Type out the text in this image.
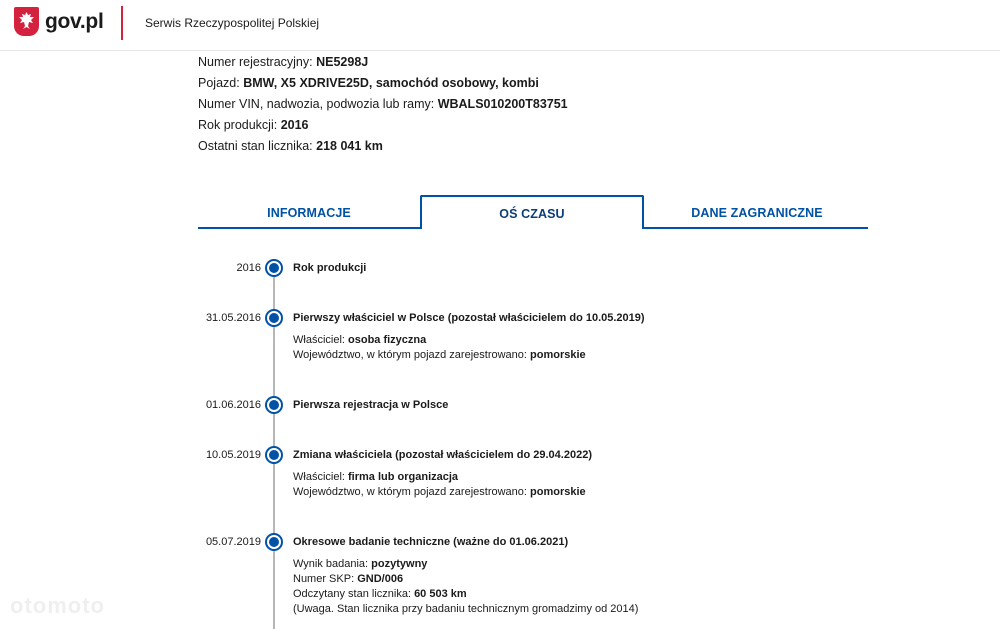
gov.pl	Serwis Rzeczypospolitej Polskiej
Numer rejestracyjny: NE5298J
Pojazd: BMW, X5 XDRIVE25D, samochód osobowy, kombi
Numer VIN, nadwozia, podwozia lub ramy: WBALS010200T83751
Rok produkcji: 2016
Ostatni stan licznika: 218 041 km
INFORMACJE	OŚ CZASU	DANE ZAGRANICZNE
2016	Rok produkcji
31.05.2016	Pierwszy właściciel w Polsce (pozostał właścicielem do 10.05.2019)
Właściciel: osoba fizyczna
Województwo, w którym pojazd zarejestrowano: pomorskie
01.06.2016	Pierwsza rejestracja w Polsce
10.05.2019	Zmiana właściciela (pozostał właścicielem do 29.04.2022)
Właściciel: firma lub organizacja
Województwo, w którym pojazd zarejestrowano: pomorskie
05.07.2019	Okresowe badanie techniczne (ważne do 01.06.2021)
Wynik badania: pozytywny
Numer SKP: GND/006
Odczytany stan licznika: 60 503 km
(Uwaga. Stan licznika przy badaniu technicznym gromadzimy od 2014)
otomoto
